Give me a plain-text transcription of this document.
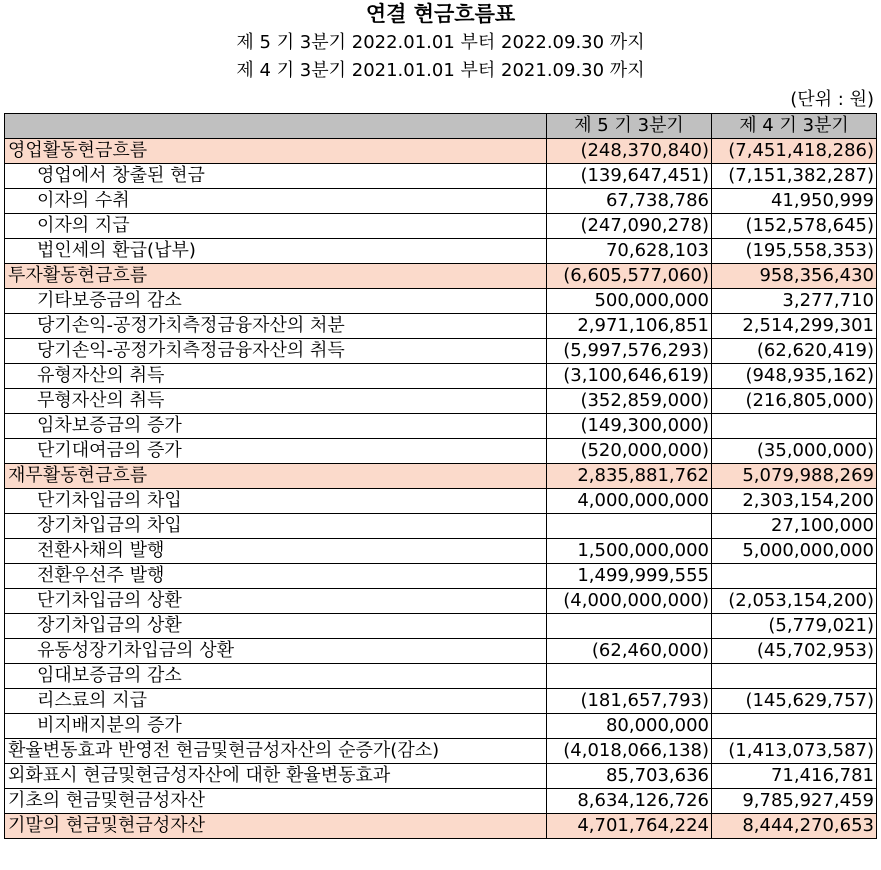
연결 현금흐름표
제 5 기 3분기 2022.01.01 부터 2022.09.30 까지
제 4 기 3분기 2021.01.01 부터 2021.09.30 까지
(단위 : 원)
	제 5 기 3분기	제 4 기 3분기
영업활동현금흐름	(248,370,840)	(7,451,418,286)
영업에서 창출된 현금	(139,647,451)	(7,151,382,287)
이자의 수취	67,738,786	41,950,999
이자의 지급	(247,090,278)	(152,578,645)
법인세의 환급(납부)	70,628,103	(195,558,353)
투자활동현금흐름	(6,605,577,060)	958,356,430
기타보증금의 감소	500,000,000	3,277,710
당기손익-공정가치측정금융자산의 처분	2,971,106,851	2,514,299,301
당기손익-공정가치측정금융자산의 취득	(5,997,576,293)	(62,620,419)
유형자산의 취득	(3,100,646,619)	(948,935,162)
무형자산의 취득	(352,859,000)	(216,805,000)
임차보증금의 증가	(149,300,000)	
단기대여금의 증가	(520,000,000)	(35,000,000)
재무활동현금흐름	2,835,881,762	5,079,988,269
단기차입금의 차입	4,000,000,000	2,303,154,200
장기차입금의 차입		27,100,000
전환사채의 발행	1,500,000,000	5,000,000,000
전환우선주 발행	1,499,999,555	
단기차입금의 상환	(4,000,000,000)	(2,053,154,200)
장기차입금의 상환		(5,779,021)
유동성장기차입금의 상환	(62,460,000)	(45,702,953)
임대보증금의 감소		
리스료의 지급	(181,657,793)	(145,629,757)
비지배지분의 증가	80,000,000	
환율변동효과 반영전 현금및현금성자산의 순증가(감소)	(4,018,066,138)	(1,413,073,587)
외화표시 현금및현금성자산에 대한 환율변동효과	85,703,636	71,416,781
기초의 현금및현금성자산	8,634,126,726	9,785,927,459
기말의 현금및현금성자산	4,701,764,224	8,444,270,653
